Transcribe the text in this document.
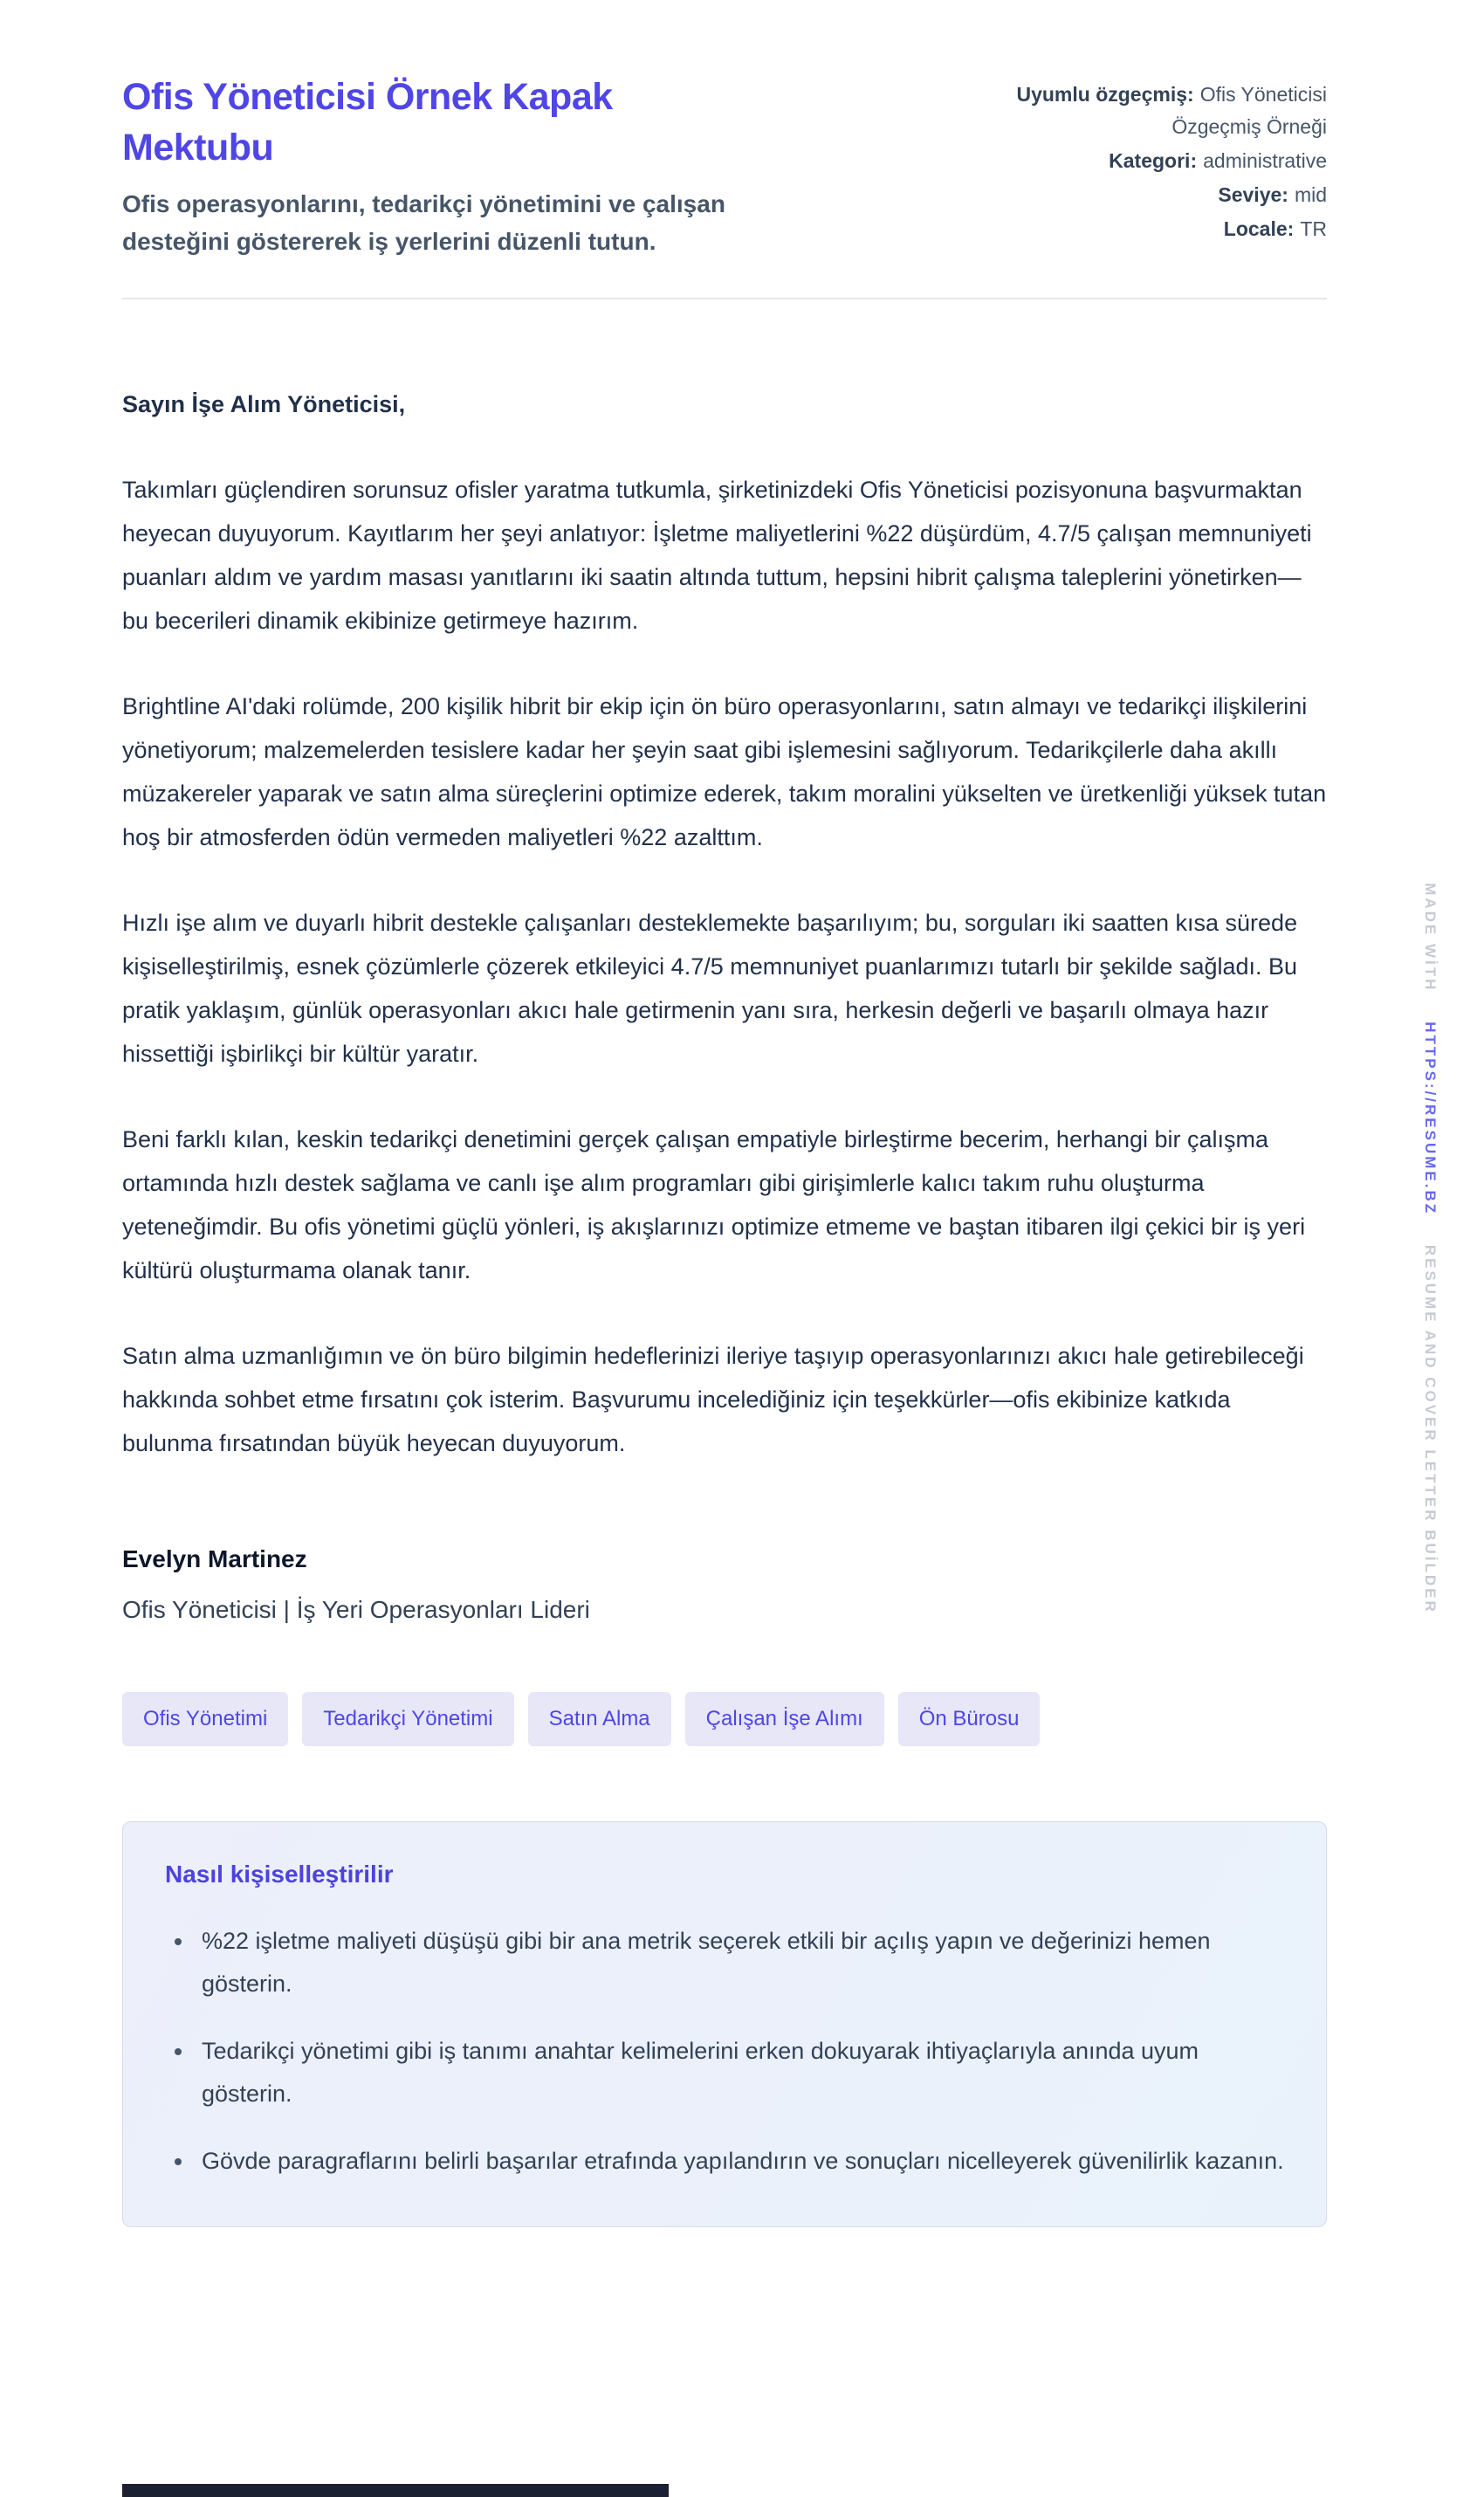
Ofis Yöneticisi Örnek Kapak Mektubu

Ofis operasyonlarını, tedarikçi yönetimini ve çalışan desteğini göstererek iş yerlerini düzenli tutun.

Uyumlu özgeçmiş: Ofis Yöneticisi Özgeçmiş Örneği
Kategori: administrative
Seviye: mid
Locale: TR

Sayın İşe Alım Yöneticisi,

Takımları güçlendiren sorunsuz ofisler yaratma tutkumla, şirketinizdeki Ofis Yöneticisi pozisyonuna başvurmaktan heyecan duyuyorum. Kayıtlarım her şeyi anlatıyor: İşletme maliyetlerini %22 düşürdüm, 4.7/5 çalışan memnuniyeti puanları aldım ve yardım masası yanıtlarını iki saatin altında tuttum, hepsini hibrit çalışma taleplerini yönetirken—bu becerileri dinamik ekibinize getirmeye hazırım.

Brightline AI'daki rolümde, 200 kişilik hibrit bir ekip için ön büro operasyonlarını, satın almayı ve tedarikçi ilişkilerini yönetiyorum; malzemelerden tesislere kadar her şeyin saat gibi işlemesini sağlıyorum. Tedarikçilerle daha akıllı müzakereler yaparak ve satın alma süreçlerini optimize ederek, takım moralini yükselten ve üretkenliği yüksek tutan hoş bir atmosferden ödün vermeden maliyetleri %22 azalttım.

Hızlı işe alım ve duyarlı hibrit destekle çalışanları desteklemekte başarılıyım; bu, sorguları iki saatten kısa sürede kişiselleştirilmiş, esnek çözümlerle çözerek etkileyici 4.7/5 memnuniyet puanlarımızı tutarlı bir şekilde sağladı. Bu pratik yaklaşım, günlük operasyonları akıcı hale getirmenin yanı sıra, herkesin değerli ve başarılı olmaya hazır hissettiği işbirlikçi bir kültür yaratır.

Beni farklı kılan, keskin tedarikçi denetimini gerçek çalışan empatiyle birleştirme becerim, herhangi bir çalışma ortamında hızlı destek sağlama ve canlı işe alım programları gibi girişimlerle kalıcı takım ruhu oluşturma yeteneğimdir. Bu ofis yönetimi güçlü yönleri, iş akışlarınızı optimize etmeme ve baştan itibaren ilgi çekici bir iş yeri kültürü oluşturmama olanak tanır.

Satın alma uzmanlığımın ve ön büro bilgimin hedeflerinizi ileriye taşıyıp operasyonlarınızı akıcı hale getirebileceği hakkında sohbet etme fırsatını çok isterim. Başvurumu incelediğiniz için teşekkürler—ofis ekibinize katkıda bulunma fırsatından büyük heyecan duyuyorum.

Evelyn Martinez

Ofis Yöneticisi | İş Yeri Operasyonları Lideri

Ofis Yönetimi	Tedarikçi Yönetimi	Satın Alma	Çalışan İşe Alımı	Ön Bürosu
Nasıl kişiselleştirilir
• %22 işletme maliyeti düşüşü gibi bir ana metrik seçerek etkili bir açılış yapın ve değerinizi hemen gösterin.
• Tedarikçi yönetimi gibi iş tanımı anahtar kelimelerini erken dokuyarak ihtiyaçlarıyla anında uyum gösterin.
• Gövde paragraflarını belirli başarılar etrafında yapılandırın ve sonuçları nicelleyerek güvenilirlik kazanın.
MADE WİTH HTTPS://RESUME.BZ RESUME AND COVER LETTER BUİLDER
